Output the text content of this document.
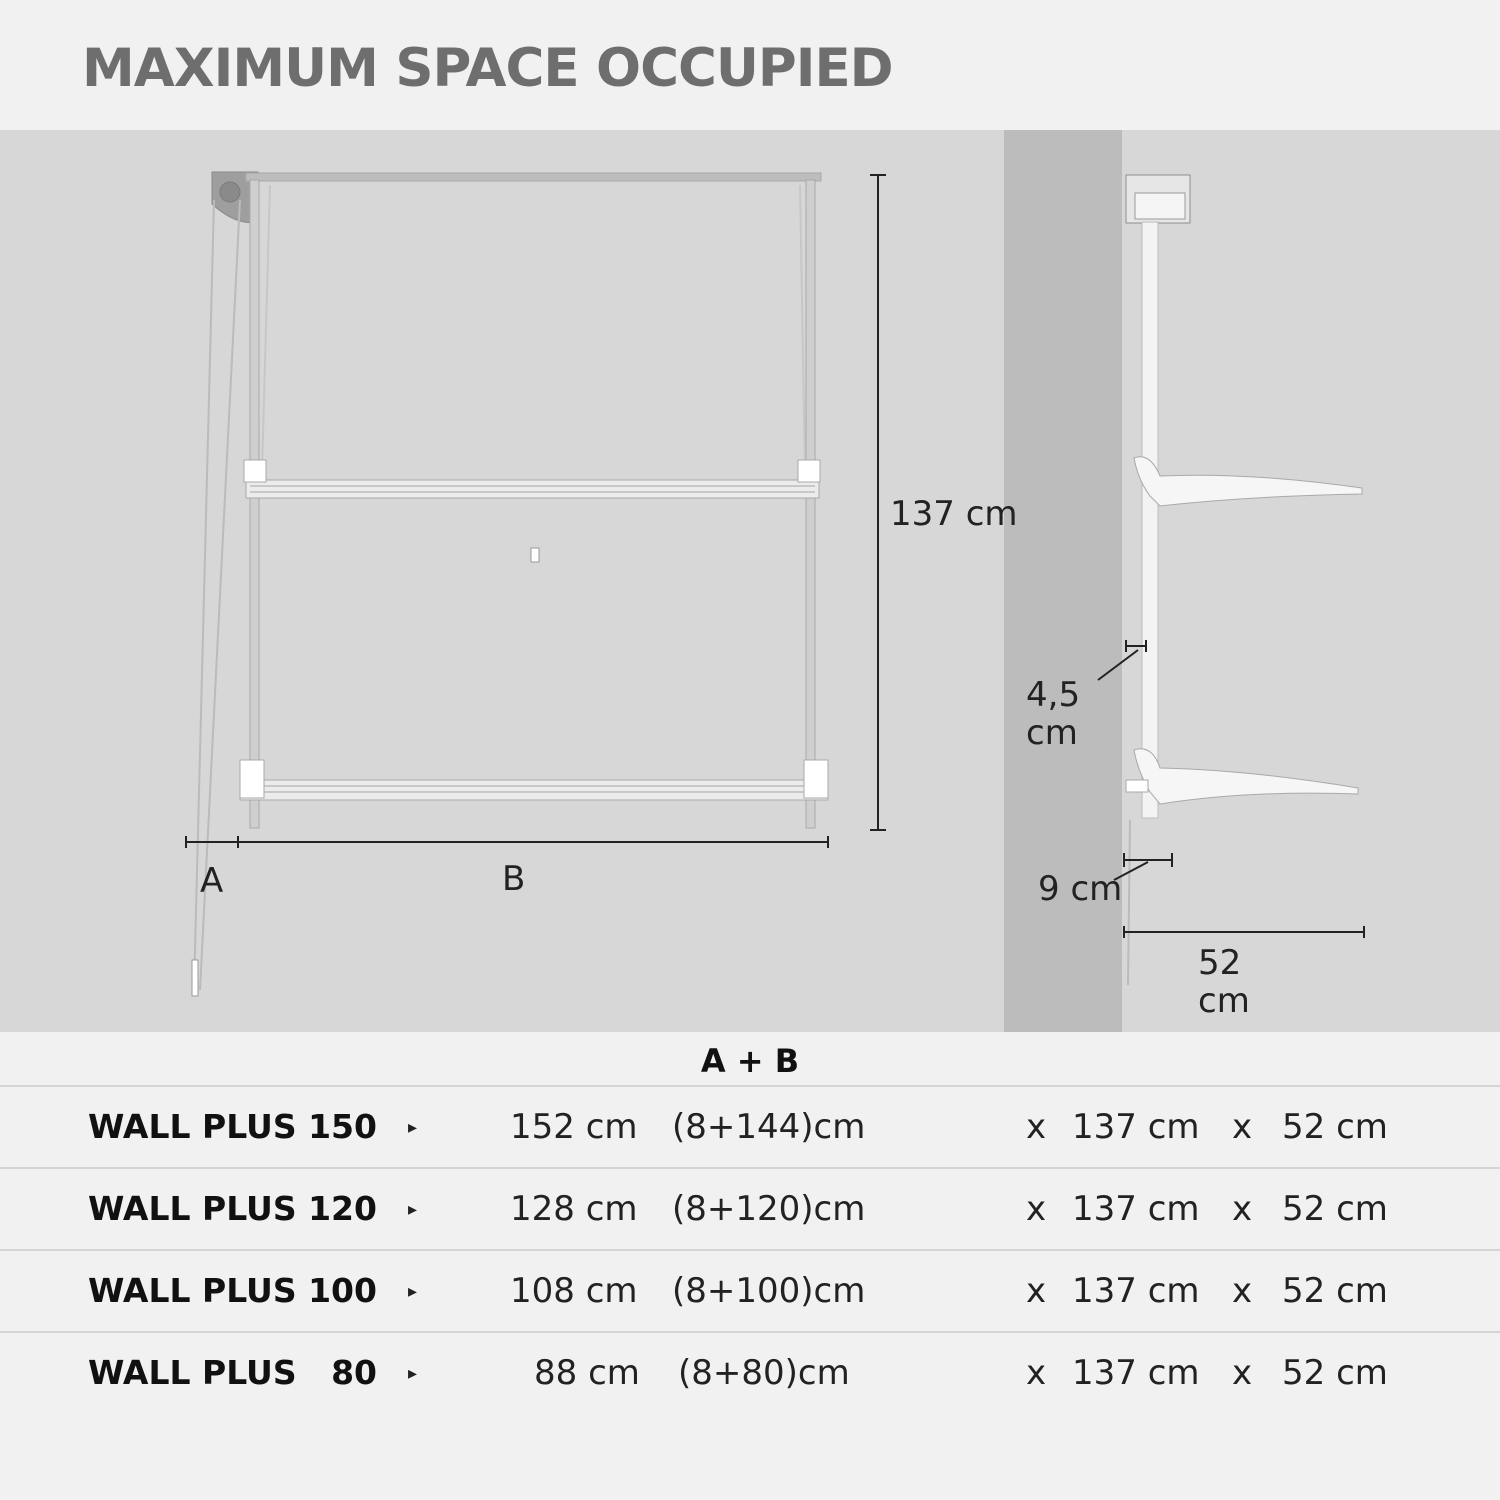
MAXIMUM SPACE OCCUPIED
137 cm
A	B
4,5
cm
9 cm
52
cm
A + B
WALL PLUS 150 ▸	152 cm (8+144)cm	x 137 cm x 52 cm
WALL PLUS 120 ▸	128 cm (8+120)cm	x 137 cm x 52 cm
WALL PLUS 100 ▸	108 cm (8+100)cm	x 137 cm x 52 cm
WALL PLUS   80 ▸	88 cm (8+80)cm	x 137 cm x 52 cm
